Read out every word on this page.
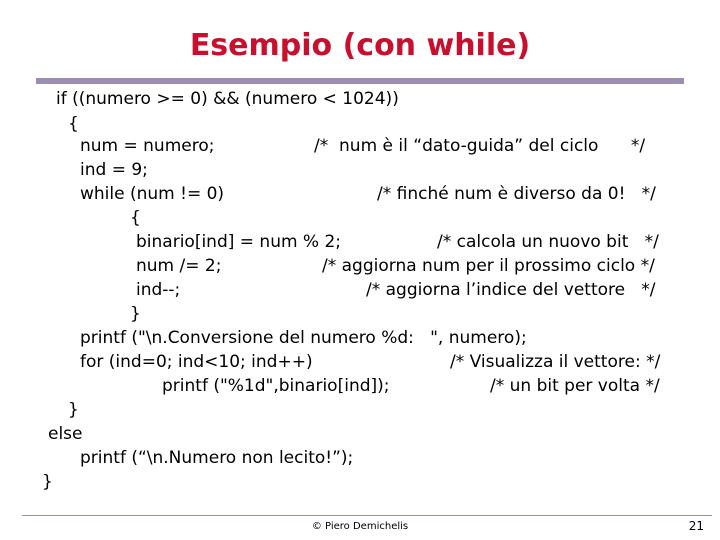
Esempio (con while)
if ((numero >= 0) && (numero < 1024))
{
num = numero;	/*  num è il “dato-guida” del ciclo      */
ind = 9;
while (num != 0)	/* finché num è diverso da 0!   */
{
binario[ind] = num % 2;	/* calcola un nuovo bit   */
num /= 2;	/* aggiorna num per il prossimo ciclo */
ind--;	/* aggiorna l’indice del vettore   */
}
printf ("\n.Conversione del numero %d:   ", numero);
for (ind=0; ind<10; ind++)	/* Visualizza il vettore: */
printf ("%1d",binario[ind]);	/* un bit per volta */
}
else
printf (“\n.Numero non lecito!”);
}
© Piero Demichelis	21
